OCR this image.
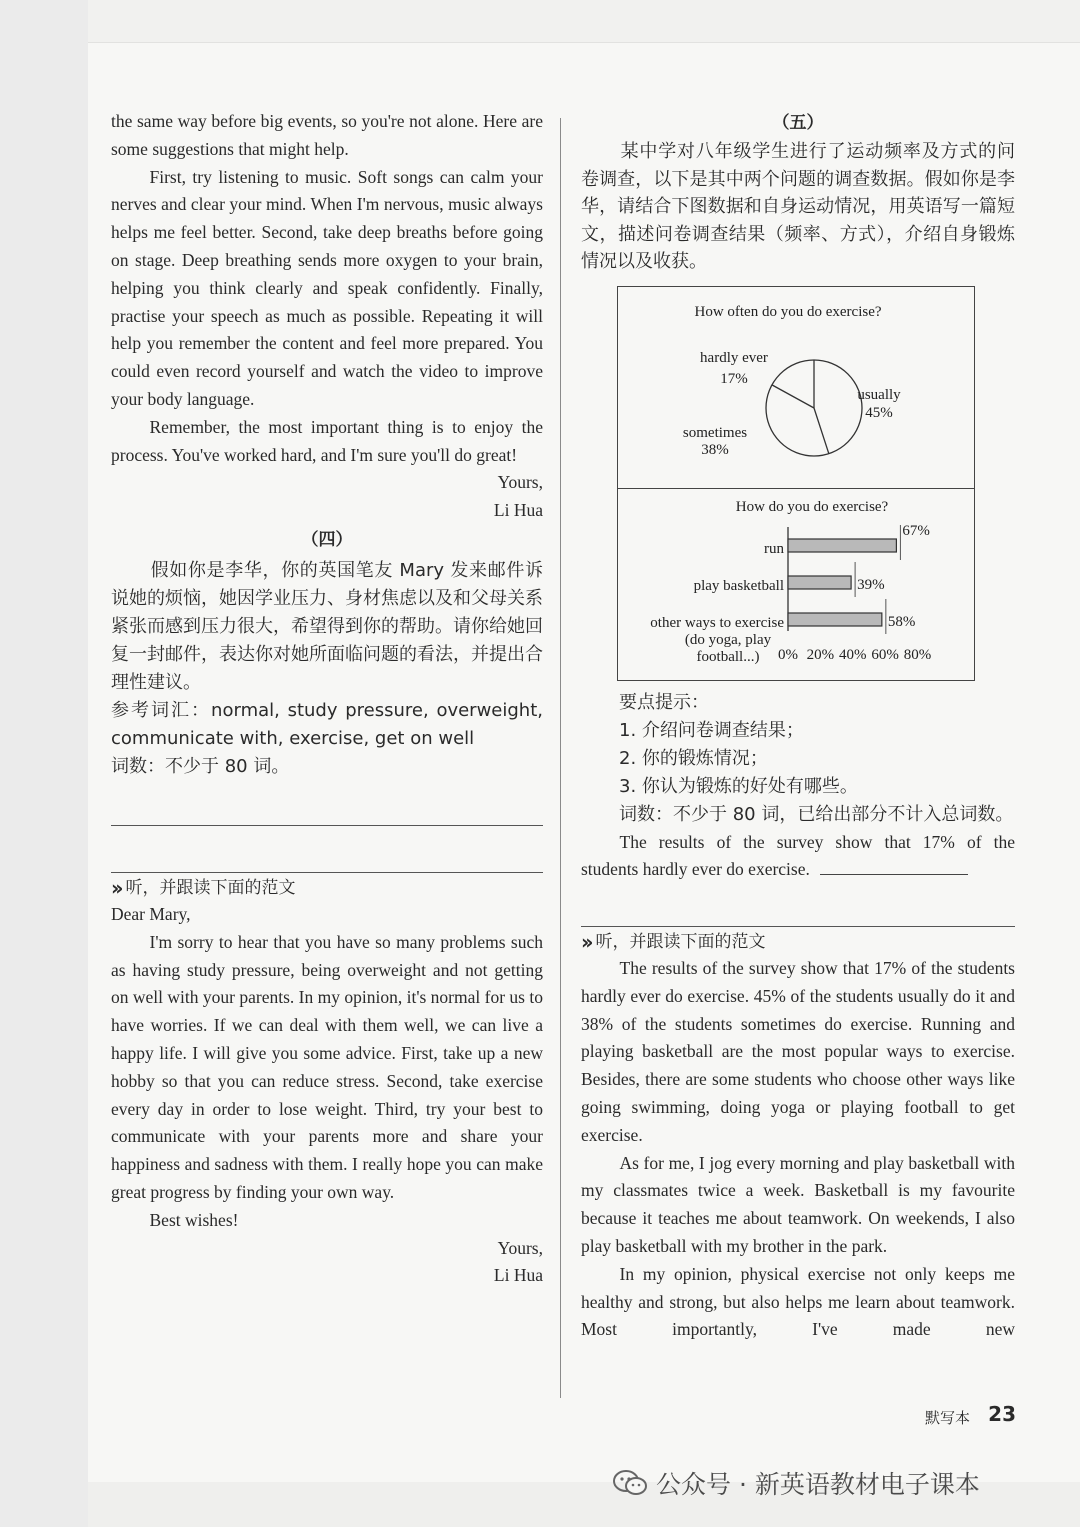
the same way before big events, so you're not alone. Here are some suggestions that might help.

First, try listening to music. Soft songs can calm your nerves and clear your mind. When I'm nervous, music always helps me feel better. Second, take deep breaths before going on stage. Deep breathing sends more oxygen to your brain, helping you think clearly and speak confidently. Finally, practise your speech as much as possible. Repeating it will help you remember the content and feel more prepared. You could even record yourself and watch the video to improve your body language.

Remember, the most important thing is to enjoy the process. You've worked hard, and I'm sure you'll do great!

Yours,

Li Hua

（四）

假如你是李华，你的英国笔友 Mary 发来邮件诉说她的烦恼，她因学业压力、身材焦虑以及和父母关系紧张而感到压力很大，希望得到你的帮助。请你给她回复一封邮件，表达你对她所面临问题的看法，并提出合理性建议。

参考词汇：normal, study pressure, overweight, communicate with, exercise, get on well

词数：不少于 80 词。

›› 听，并跟读下面的范文

Dear Mary,

I'm sorry to hear that you have so many problems such as having study pressure, being overweight and not getting on well with your parents. In my opinion, it's normal for us to have worries. If we can deal with them well, we can live a happy life. I will give you some advice. First, take up a new hobby so that you can reduce stress. Second, take exercise every day in order to lose weight. Third, try your best to communicate with your parents more and share your happiness and sadness with them. I really hope you can make great progress by finding your own way.

Best wishes!

Yours,

Li Hua

（五）

某中学对八年级学生进行了运动频率及方式的问卷调查，以下是其中两个问题的调查数据。假如你是李华，请结合下图数据和自身运动情况，用英语写一篇短文，描述问卷调查结果（频率、方式），介绍自身锻炼情况以及收获。

How often do you do exercise?
hardly ever
17%
usually
45%
sometimes
38%
How do you do exercise?
0% 20% 40% 60% 80%
67%
39%
58%
run
play basketball
other ways to exercise
(do yoga, play
football...)

要点提示：

1. 介绍问卷调查结果；

2. 你的锻炼情况；

3. 你认为锻炼的好处有哪些。

词数：不少于 80 词，已给出部分不计入总词数。

The results of the survey show that 17% of the

students hardly ever do exercise.

›› 听，并跟读下面的范文

The results of the survey show that 17% of the students hardly ever do exercise. 45% of the students usually do it and 38% of the students sometimes do exercise. Running and playing basketball are the most popular ways to exercise. Besides, there are some students who choose other ways like going swimming, doing yoga or playing football to get exercise.

As for me, I jog every morning and play basketball with my classmates twice a week. Basketball is my favourite because it teaches me about teamwork. On weekends, I also play basketball with my brother in the park.

In my opinion, physical exercise not only keeps me healthy and strong, but also helps me learn about teamwork. Most importantly, I've made new

默写本 23
公众号 · 新英语教材电子课本
